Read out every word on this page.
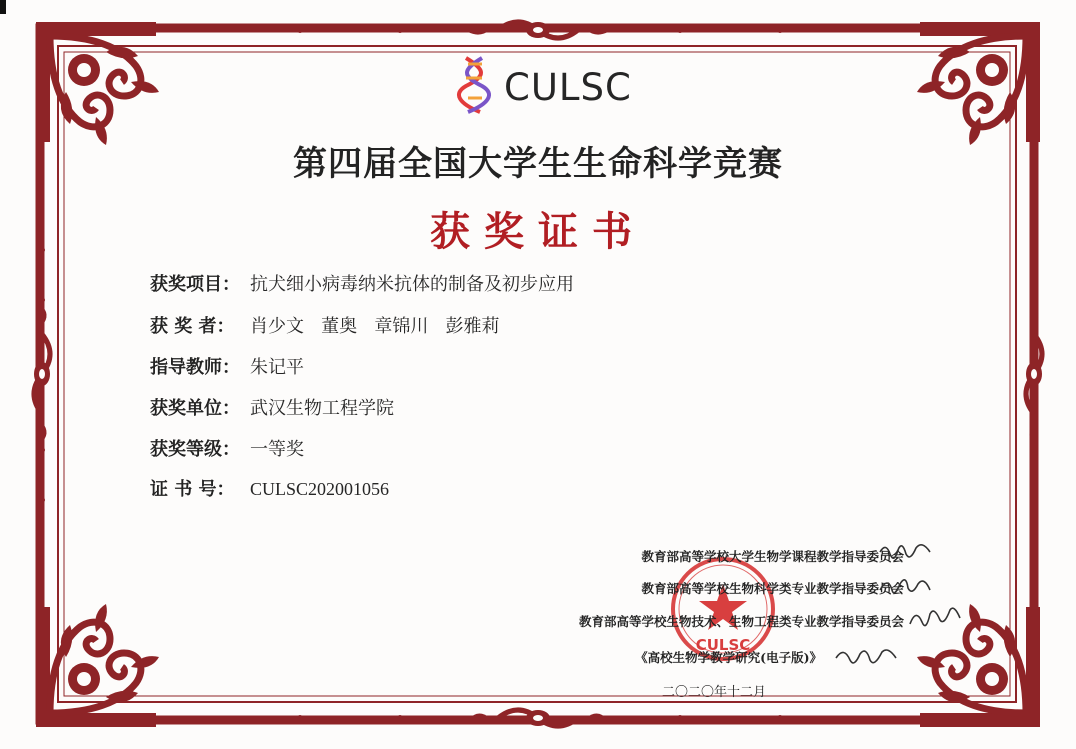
CULSC
第四届全国大学生生命科学竞赛
获奖证书
获奖项目： 抗犬细小病毒纳米抗体的制备及初步应用
获 奖 者： 肖少文   董奥   章锦川   彭雅莉
指导教师： 朱记平
获奖单位： 武汉生物工程学院
获奖等级： 一等奖
证 书 号： CULSC202001056
CULSC
教育部高等学校大学生物学课程教学指导委员会
教育部高等学校生物科学类专业教学指导委员会
教育部高等学校生物技术、生物工程类专业教学指导委员会
《高校生物学教学研究(电子版)》
二〇二〇年十二月
